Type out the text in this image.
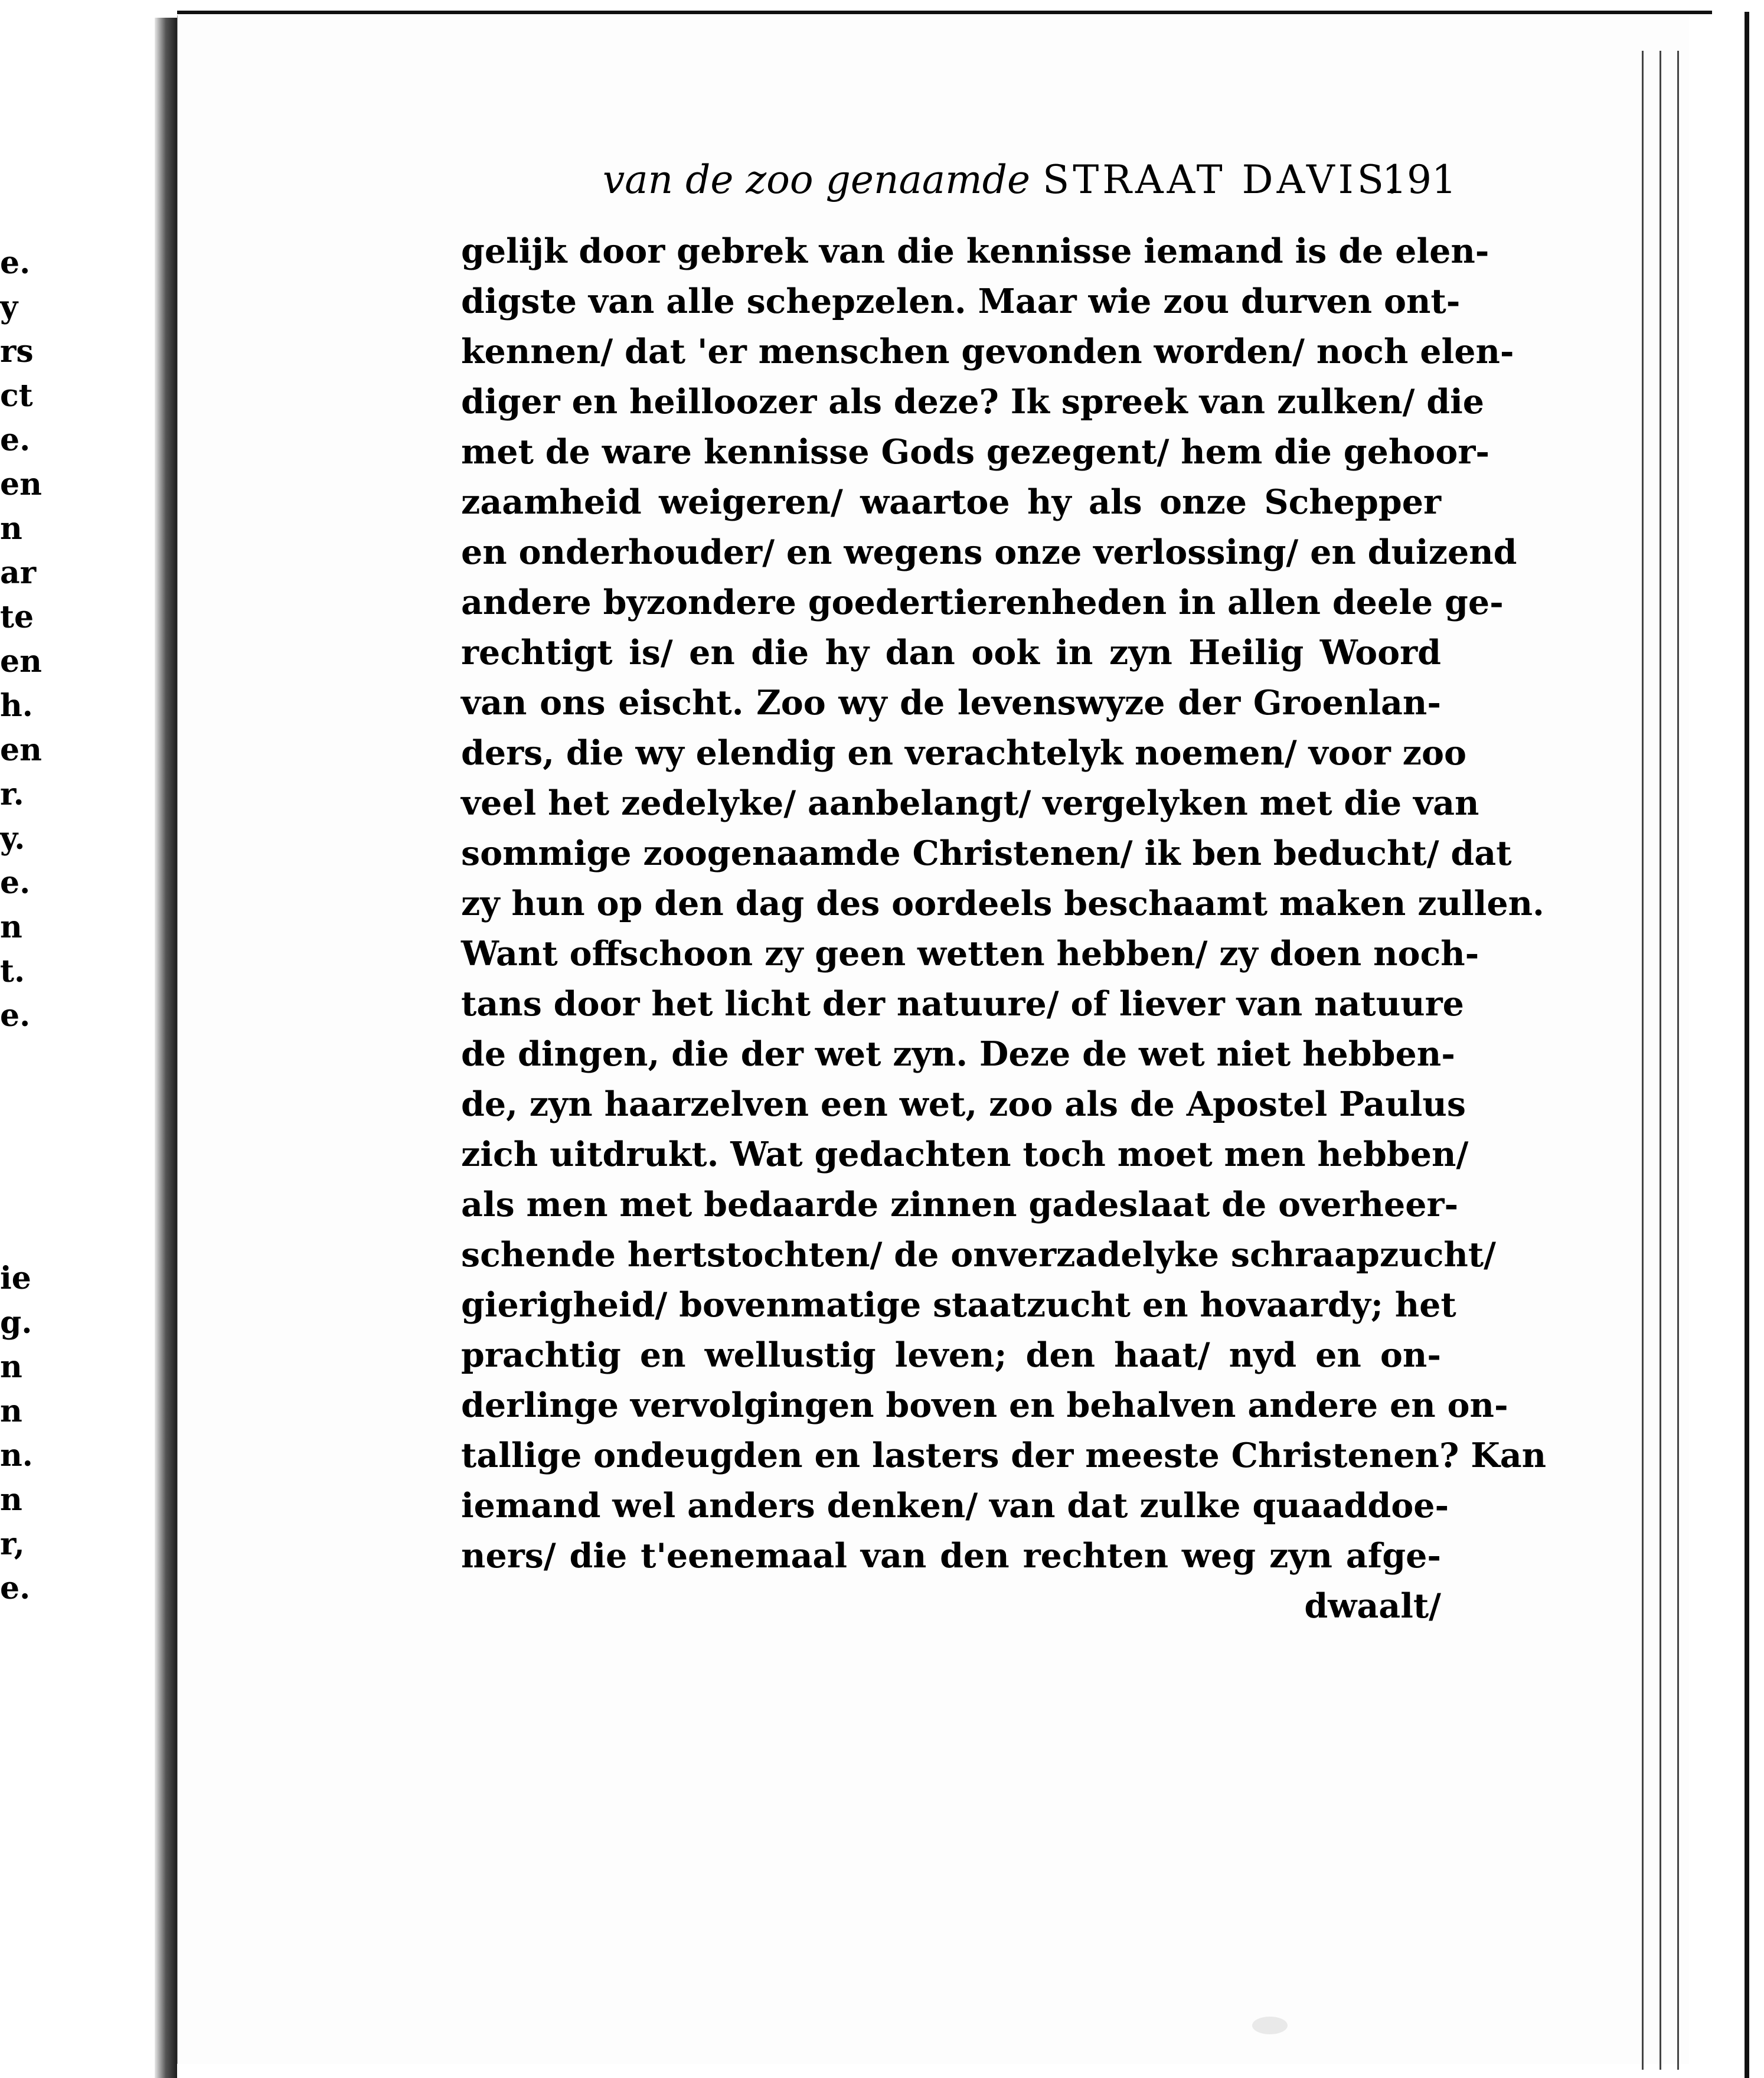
e.
y
rs
ct
e.
en
n
ar
te
en
h.
en
r.
y.
e.
n
t.
e.
ie
g.
n
n
n.
n
r,
e.
van de zoo genaamde STRAAT DAVIS.
191
gelijk door gebrek van die kennisse iemand is de elen-
digste van alle schepzelen. Maar wie zou durven ont-
kennen/ dat 'er menschen gevonden worden/ noch elen-
diger en heilloozer als deze? Ik spreek van zulken/ die
met de ware kennisse Gods gezegent/ hem die gehoor-
zaamheid weigeren/ waartoe hy als onze Schepper
en onderhouder/ en wegens onze verlossing/ en duizend
andere byzondere goedertierenheden in allen deele ge-
rechtigt is/ en die hy dan ook in zyn Heilig Woord
van ons eischt. Zoo wy de levenswyze der Groenlan-
ders, die wy elendig en verachtelyk noemen/ voor zoo
veel het zedelyke/ aanbelangt/ vergelyken met die van
sommige zoogenaamde Christenen/ ik ben beducht/ dat
zy hun op den dag des oordeels beschaamt maken zullen.
Want offschoon zy geen wetten hebben/ zy doen noch-
tans door het licht der natuure/ of liever van natuure
de dingen, die der wet zyn. Deze de wet niet hebben-
de, zyn haarzelven een wet, zoo als de Apostel Paulus
zich uitdrukt. Wat gedachten toch moet men hebben/
als men met bedaarde zinnen gadeslaat de overheer-
schende hertstochten/ de onverzadelyke schraapzucht/
gierigheid/ bovenmatige staatzucht en hovaardy; het
prachtig en wellustig leven; den haat/ nyd en on-
derlinge vervolgingen boven en behalven andere en on-
tallige ondeugden en lasters der meeste Christenen? Kan
iemand wel anders denken/ van dat zulke quaaddoe-
ners/ die t'eenemaal van den rechten weg zyn afge-
dwaalt/
